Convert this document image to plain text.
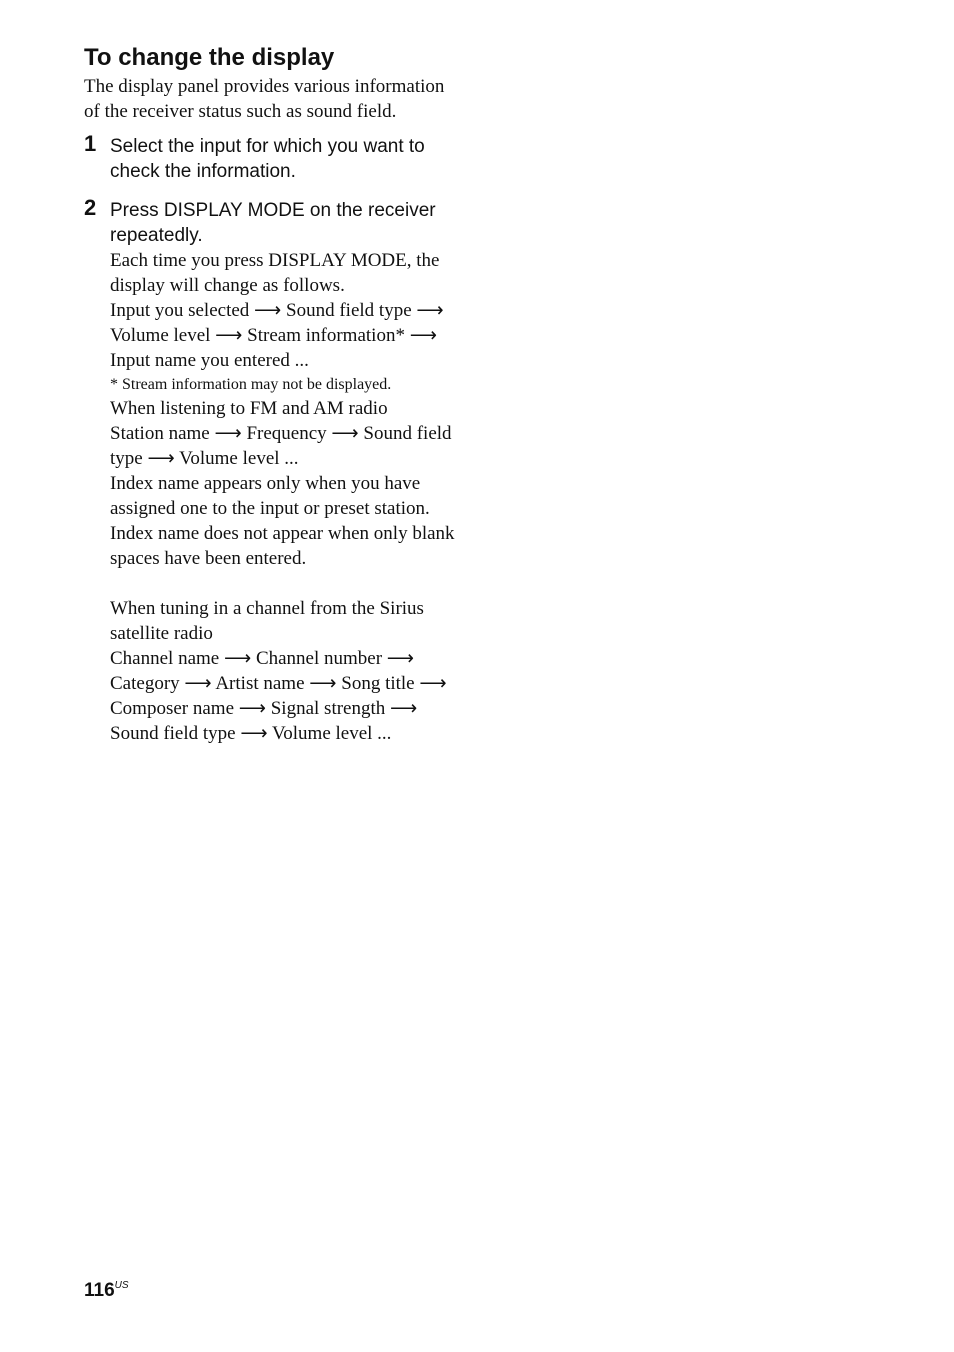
To change the display

The display panel provides various information of the receiver status such as sound field.

1 Select the input for which you want to check the information.

2 Press DISPLAY MODE on the receiver repeatedly.

Each time you press DISPLAY MODE, the display will change as follows.

Input you selected ⟶ Sound field type ⟶ Volume level ⟶ Stream information* ⟶ Input name you entered ...

* Stream information may not be displayed.

When listening to FM and AM radio

Station name ⟶ Frequency ⟶ Sound field type ⟶ Volume level ...

Index name appears only when you have assigned one to the input or preset station. Index name does not appear when only blank spaces have been entered.

When tuning in a channel from the Sirius satellite radio

Channel name ⟶ Channel number ⟶ Category ⟶ Artist name ⟶ Song title ⟶ Composer name ⟶ Signal strength ⟶ Sound field type ⟶ Volume level ...

$116^{US}$
